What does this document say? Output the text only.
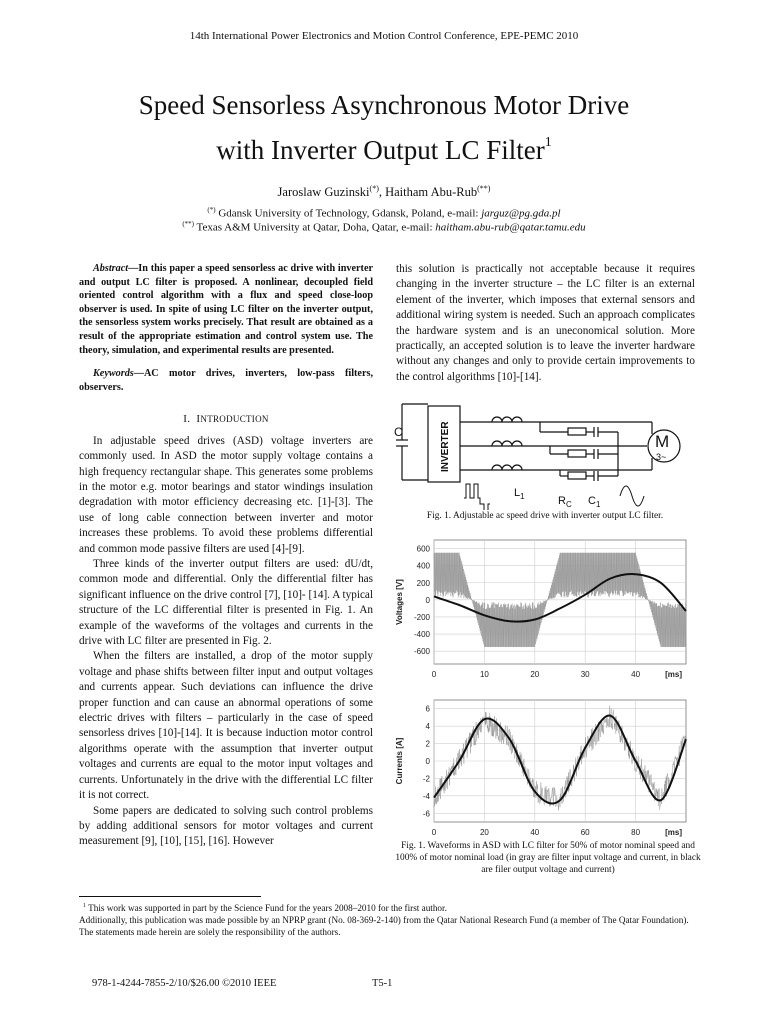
14th International Power Electronics and Motion Control Conference, EPE-PEMC 2010
Speed Sensorless Asynchronous Motor Drive
with Inverter Output LC Filter$^1$
Jaroslaw Guzinski(*), Haitham Abu-Rub(**)
(*) Gdansk University of Technology, Gdansk, Poland, e-mail: jarguz@pg.gda.pl
(**) Texas A&M University at Qatar, Doha, Qatar, e-mail: haitham.abu-rub@qatar.tamu.edu

Abstract—In this paper a speed sensorless ac drive with inverter and output LC filter is proposed. A nonlinear, decoupled field oriented control algorithm with a flux and speed close-loop observer is used. In spite of using LC filter on the inverter output, the sensorless system works precisely. That result are obtained as a result of the appropriate estimation and control system use. The theory, simulation, and experimental results are presented.

Keywords—AC motor drives, inverters, low-pass filters, observers.

I. INTRODUCTION

In adjustable speed drives (ASD) voltage inverters are commonly used. In ASD the motor supply voltage contains a high frequency rectangular shape. This generates some problems in the motor e.g. motor bearings and stator windings insulation degradation with motor efficiency decreasing etc. [1]-[3]. The use of long cable connection between inverter and motor increases these problems. To avoid these problems differential and common mode passive filters are used [4]-[9].

Three kinds of the inverter output filters are used: dU/dt, common mode and differential. Only the differential filter has significant influence on the drive control [7], [10]- [14]. A typical structure of the LC differential filter is presented in Fig. 1. An example of the waveforms of the voltages and currents in the drive with LC filter are presented in Fig. 2.

When the filters are installed, a drop of the motor supply voltage and phase shifts between filter input and output voltages and currents appear. Such deviations can influence the drive proper function and can cause an abnormal operations of some electric drives with filters – particularly in the case of speed sensorless drives [10]-[14]. It is because induction motor control algorithms operate with the assumption that inverter output voltages and currents are equal to the motor input voltages and currents. Unfortunately in the drive with the differential LC filter it is not correct.

Some papers are dedicated to solving such control problems by adding additional sensors for motor voltages and current measurement [9], [10], [15], [16]. However

this solution is practically not acceptable because it requires changing in the inverter structure – the LC filter is an external element of the inverter, which imposes that external sensors and additional wiring system is needed. Such an approach complicates the hardware system and is an uneconomical solution. More practically, an accepted solution is to leave the inverter hardware without any changes and only to provide certain improvements to the control algorithms [10]-[14].

C	INVERTER
$L_1$	$R_C$ $C_1$
M
3~
Fig. 1. Adjustable ac speed drive with inverter output LC filter.
600
400
200
0
-200
-400
-600
0	10	20	30	40	[ms]
Voltages [V]
6
4
2
0
-2
-4
-6
0	20	40	60	80	[ms]
Currents [A]
Fig. 1. Waveforms in ASD with LC filter for 50% of motor nominal speed and 100% of motor nominal load (in gray are filter input voltage and current, in black are filer output voltage and current)

$^1$ This work was supported in part by the Science Fund for the years 2008–2010 for the first author.

Additionally, this publication was made possible by an NPRP grant (No. 08-369-2-140) from the Qatar National Research Fund (a member of The Qatar Foundation). The statements made herein are solely the responsibility of the authors.

978-1-4244-7855-2/10/$26.00 ©2010 IEEE	T5-1
